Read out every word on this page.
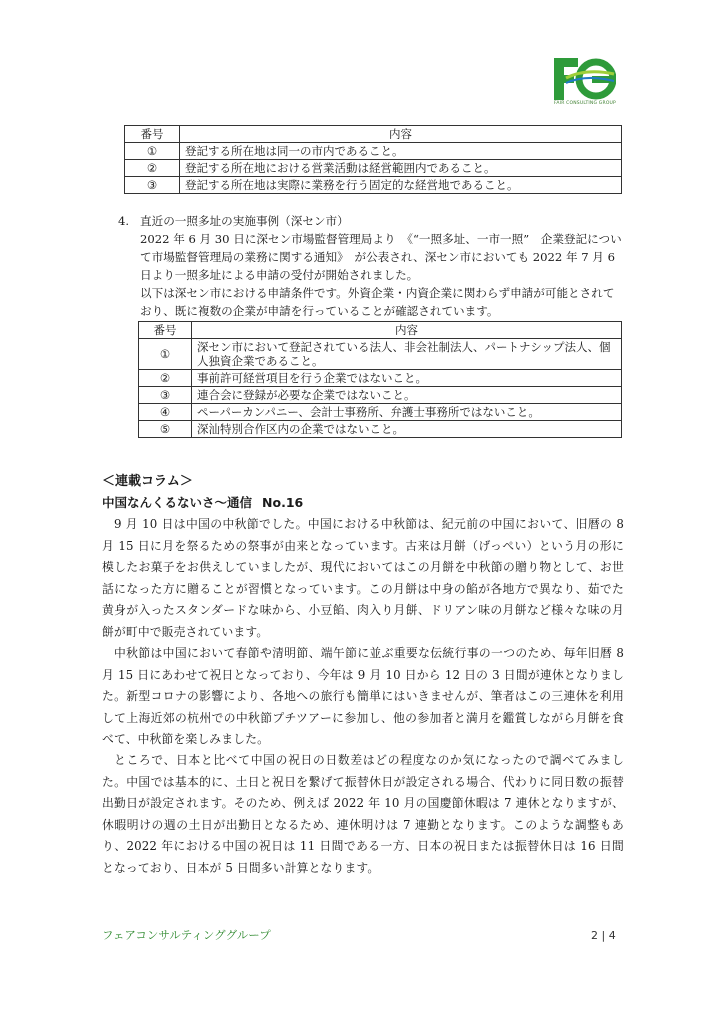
FAIR CONSULTING GROUP
番号	内容
①	登記する所在地は同一の市内であること。
②	登記する所在地における営業活動は経営範囲内であること。
③	登記する所在地は実際に業務を行う固定的な経営地であること。
4. 直近の一照多址の実施事例（深セン市）
2022 年 6 月 30 日に深セン市場監督管理局より　《“一照多址、一市一照”　企業登記について市場監督管理局の業務に関する通知》　が公表され、深セン市においても 2022 年 7 月 6 日より一照多址による申請の受付が開始されました。
以下は深セン市における申請条件です。外資企業・内資企業に関わらず申請が可能とされており、既に複数の企業が申請を行っていることが確認されています。
番号	内容
①	深セン市において登記されている法人、非会社制法人、パートナシップ法人、個人独資企業であること。
②	事前許可経営項目を行う企業ではないこと。
③	連合会に登録が必要な企業ではないこと。
④	ペーパーカンパニー、会計士事務所、弁護士事務所ではないこと。
⑤	深汕特別合作区内の企業ではないこと。
＜連載コラム＞
中国なんくるないさ～通信 No.16
9 月 10 日は中国の中秋節でした。中国における中秋節は、紀元前の中国において、旧暦の 8 月 15 日に月を祭るための祭事が由来となっています。古来は月餅（げっぺい）という月の形に模したお菓子をお供えしていましたが、現代においてはこの月餅を中秋節の贈り物として、お世話になった方に贈ることが習慣となっています。この月餅は中身の餡が各地方で異なり、茹でた黄身が入ったスタンダードな味から、小豆餡、肉入り月餅、ドリアン味の月餅など様々な味の月餅が町中で販売されています。
中秋節は中国において春節や清明節、端午節に並ぶ重要な伝統行事の一つのため、毎年旧暦 8 月 15 日にあわせて祝日となっており、今年は 9 月 10 日から 12 日の 3 日間が連休となりました。新型コロナの影響により、各地への旅行も簡単にはいきませんが、筆者はこの三連休を利用して上海近郊の杭州での中秋節プチツアーに参加し、他の参加者と満月を鑑賞しながら月餅を食べて、中秋節を楽しみました。
ところで、日本と比べて中国の祝日の日数差はどの程度なのか気になったので調べてみました。中国では基本的に、土日と祝日を繋げて振替休日が設定される場合、代わりに同日数の振替出勤日が設定されます。そのため、例えば 2022 年 10 月の国慶節休暇は 7 連休となりますが、休暇明けの週の土日が出勤日となるため、連休明けは 7 連勤となります。このような調整もあり、2022 年における中国の祝日は 11 日間である一方、日本の祝日または振替休日は 16 日間となっており、日本が 5 日間多い計算となります。
フェアコンサルティンググループ	2 | 4
